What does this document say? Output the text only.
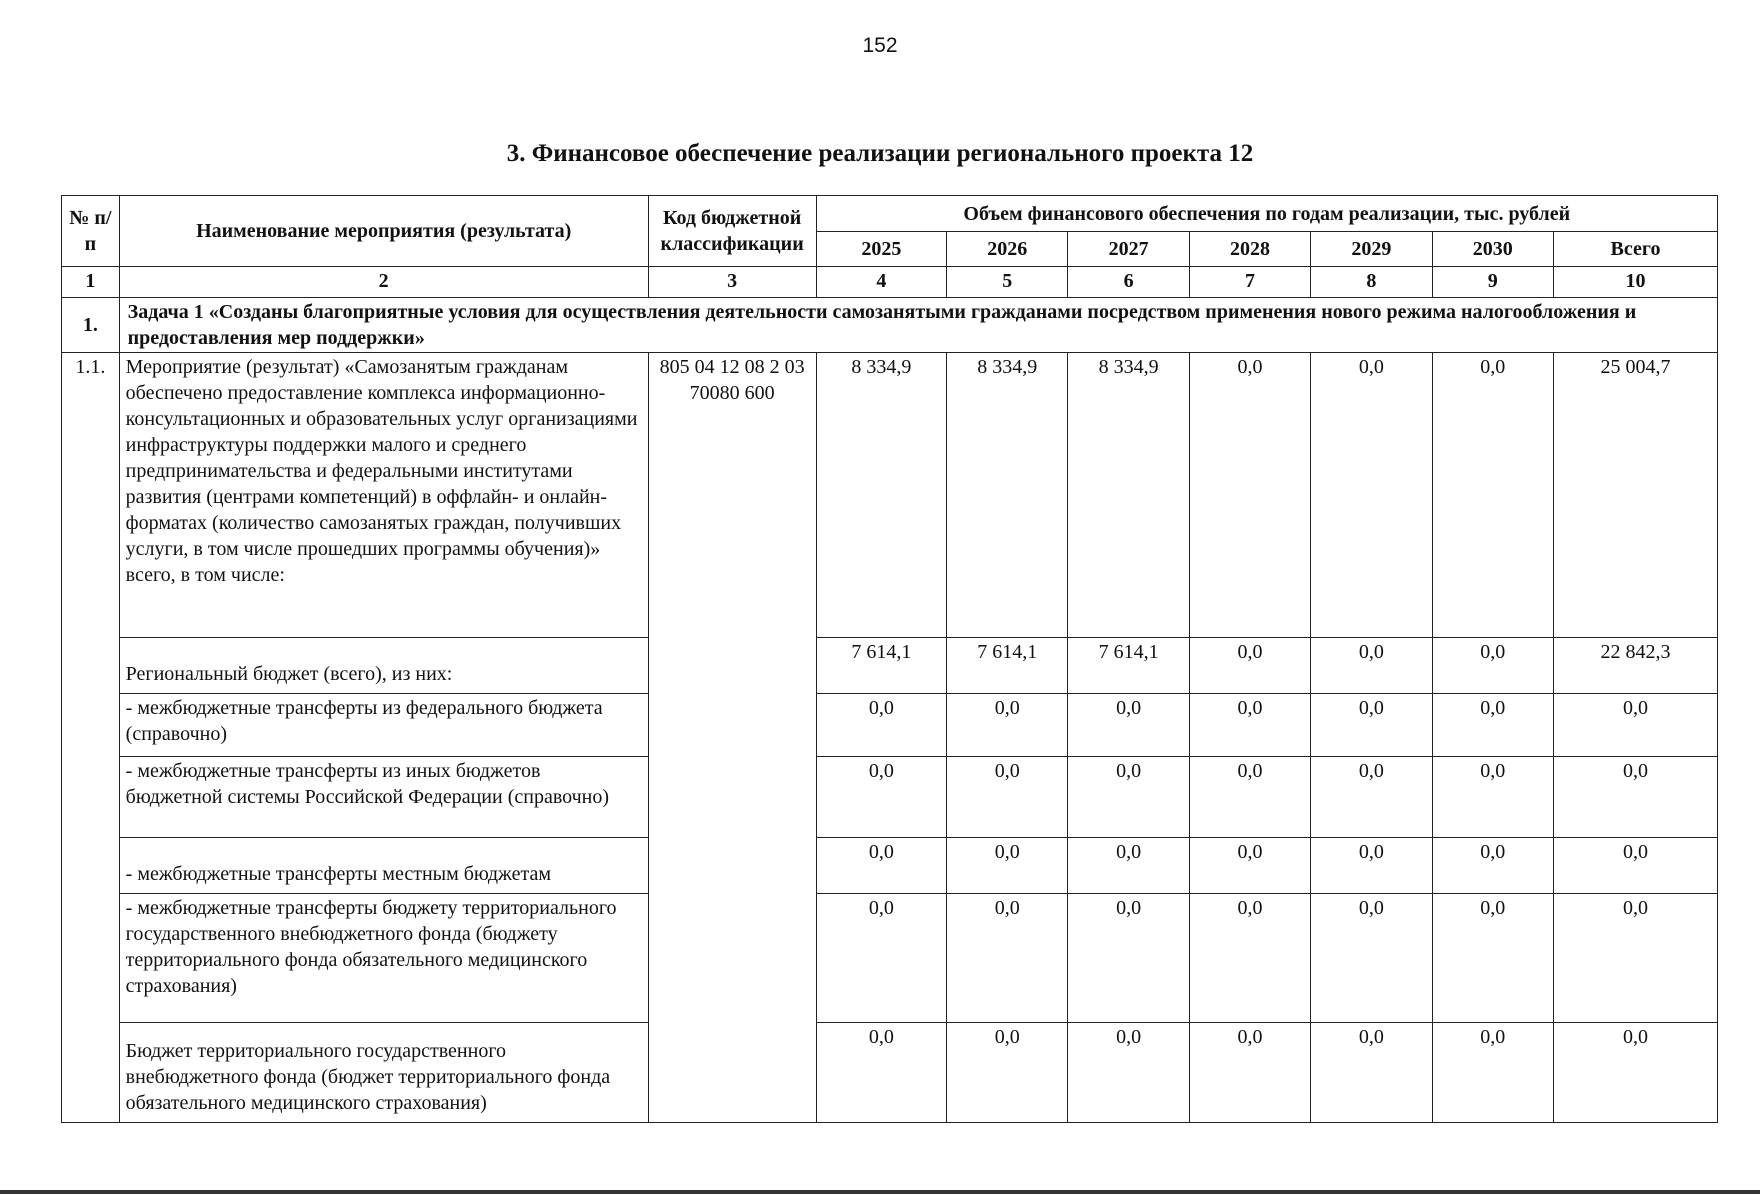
152
3. Финансовое обеспечение реализации регионального проекта 12
№ п/п	Наименование мероприятия (результата)	Код бюджетной классификации	Объем финансового обеспечения по годам реализации, тыс. рублей						
			2025	2026	2027	2028	2029	2030	Всего
1	2	3	4	5	6	7	8	9	10
1.	Задача 1 «Созданы благоприятные условия для осуществления деятельности самозанятыми гражданами посредством применения нового режима налогообложения и предоставления мер поддержки»								
1.1.	Мероприятие (результат) «Самозанятым гражданам обеспечено предоставление комплекса информационно-консультационных и образовательных услуг организациями инфраструктуры поддержки малого и среднего предпринимательства и федеральными институтами развития (центрами компетенций) в оффлайн- и онлайн-форматах (количество самозанятых граждан, получивших услуги, в том числе прошедших программы обучения)» всего, в том числе:	805 04 12 08 2 03 70080 600	8 334,9	8 334,9	8 334,9	0,0	0,0	0,0	25 004,7
	Региональный бюджет (всего), из них:		7 614,1	7 614,1	7 614,1	0,0	0,0	0,0	22 842,3
	- межбюджетные трансферты из федерального бюджета (справочно)		0,0	0,0	0,0	0,0	0,0	0,0	0,0
	- межбюджетные трансферты из иных бюджетов бюджетной системы Российской Федерации (справочно)		0,0	0,0	0,0	0,0	0,0	0,0	0,0
	- межбюджетные трансферты местным бюджетам		0,0	0,0	0,0	0,0	0,0	0,0	0,0
	- межбюджетные трансферты бюджету территориального государственного внебюджетного фонда (бюджету территориального фонда обязательного медицинского страхования)		0,0	0,0	0,0	0,0	0,0	0,0	0,0
	Бюджет территориального государственного внебюджетного фонда (бюджет территориального фонда обязательного медицинского страхования)		0,0	0,0	0,0	0,0	0,0	0,0	0,0
